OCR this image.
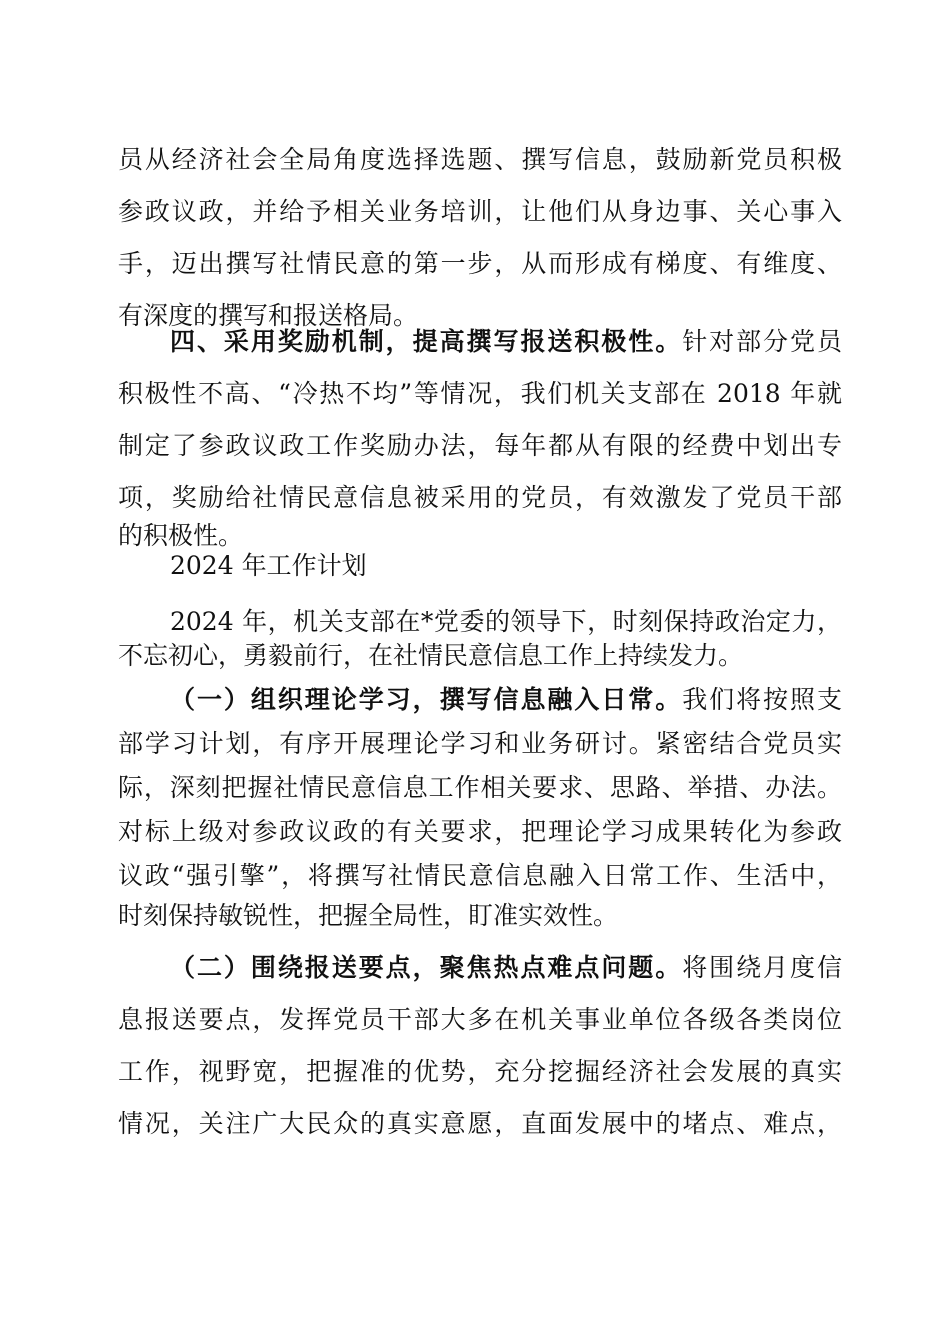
员从经济社会全局角度选择选题、撰写信息，鼓励新党员积极
参政议政，并给予相关业务培训，让他们从身边事、关心事入
手，迈出撰写社情民意的第一步，从而形成有梯度、有维度、
有深度的撰写和报送格局。
四、采用奖励机制，提高撰写报送积极性。针对部分党员
积极性不高、“冷热不均”等情况，我们机关支部在 2018 年就
制定了参政议政工作奖励办法，每年都从有限的经费中划出专
项，奖励给社情民意信息被采用的党员，有效激发了党员干部
的积极性。
2024 年工作计划
2024 年，机关支部在*党委的领导下，时刻保持政治定力，
不忘初心，勇毅前行，在社情民意信息工作上持续发力。
（一）组织理论学习，撰写信息融入日常。我们将按照支
部学习计划，有序开展理论学习和业务研讨。紧密结合党员实
际，深刻把握社情民意信息工作相关要求、思路、举措、办法。
对标上级对参政议政的有关要求，把理论学习成果转化为参政
议政“强引擎”，将撰写社情民意信息融入日常工作、生活中，
时刻保持敏锐性，把握全局性，盯准实效性。
（二）围绕报送要点，聚焦热点难点问题。将围绕月度信
息报送要点，发挥党员干部大多在机关事业单位各级各类岗位
工作，视野宽，把握准的优势，充分挖掘经济社会发展的真实
情况，关注广大民众的真实意愿，直面发展中的堵点、难点，
